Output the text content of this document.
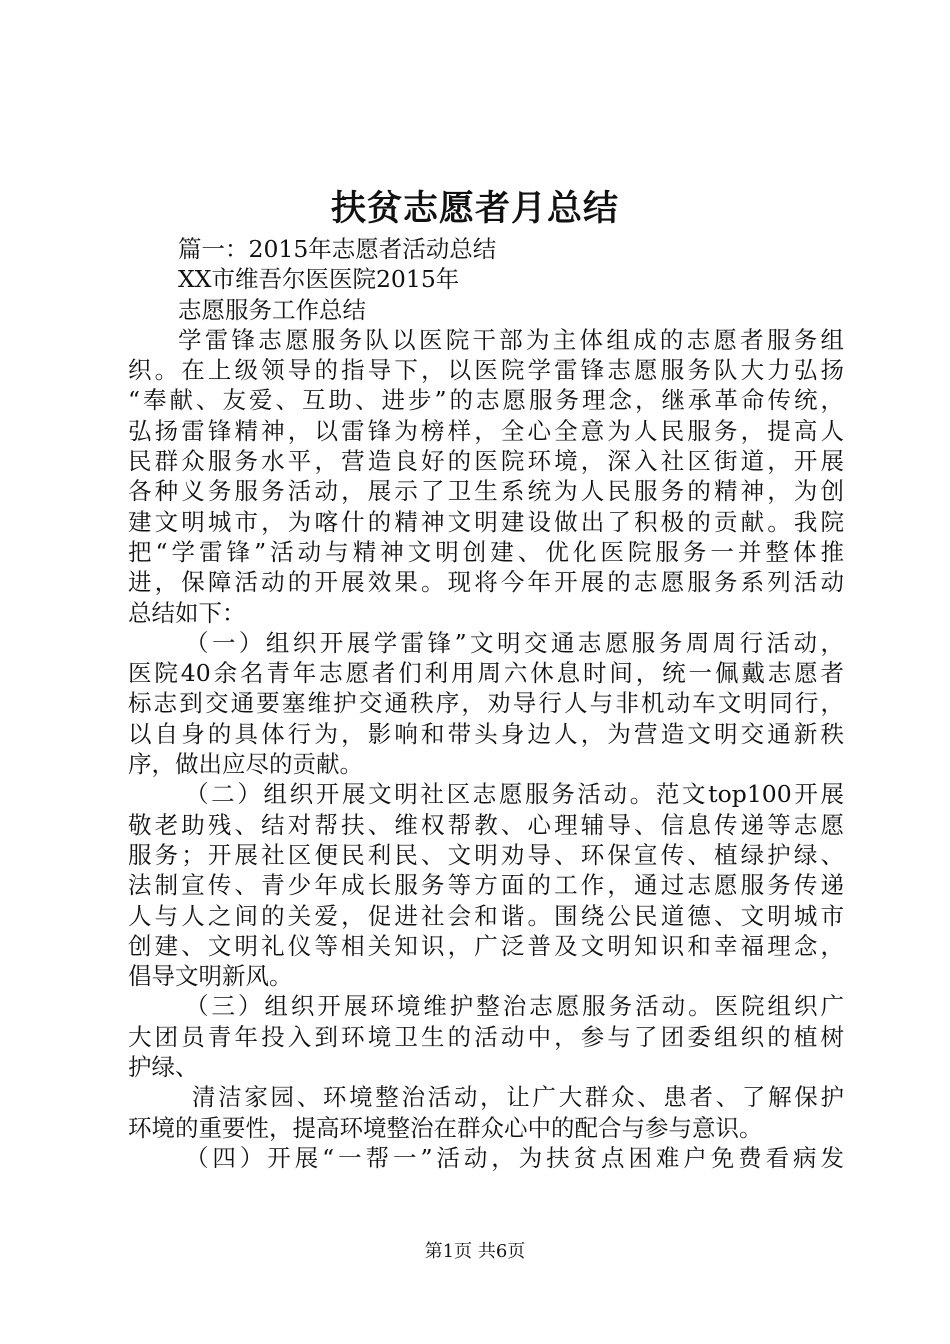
扶贫志愿者月总结
篇一：2015年志愿者活动总结
XX市维吾尔医医院2015年
志愿服务工作总结
学雷锋志愿服务队以医院干部为主体组成的志愿者服务组
织。在上级领导的指导下，以医院学雷锋志愿服务队大力弘扬
“奉献、友爱、互助、进步”的志愿服务理念，继承革命传统，
弘扬雷锋精神，以雷锋为榜样，全心全意为人民服务，提高人
民群众服务水平，营造良好的医院环境，深入社区街道，开展
各种义务服务活动，展示了卫生系统为人民服务的精神，为创
建文明城市，为喀什的精神文明建设做出了积极的贡献。我院
把“学雷锋”活动与精神文明创建、优化医院服务一并整体推
进，保障活动的开展效果。现将今年开展的志愿服务系列活动
总结如下：
（一）组织开展学雷锋”文明交通志愿服务周周行活动，
医院40余名青年志愿者们利用周六休息时间，统一佩戴志愿者
标志到交通要塞维护交通秩序，劝导行人与非机动车文明同行，
以自身的具体行为，影响和带头身边人，为营造文明交通新秩
序，做出应尽的贡献。
（二）组织开展文明社区志愿服务活动。范文top100开展
敬老助残、结对帮扶、维权帮教、心理辅导、信息传递等志愿
服务；开展社区便民利民、文明劝导、环保宣传、植绿护绿、
法制宣传、青少年成长服务等方面的工作，通过志愿服务传递
人与人之间的关爱，促进社会和谐。围绕公民道德、文明城市
创建、文明礼仪等相关知识，广泛普及文明知识和幸福理念，
倡导文明新风。
（三）组织开展环境维护整治志愿服务活动。医院组织广
大团员青年投入到环境卫生的活动中，参与了团委组织的植树
护绿、
清洁家园、环境整治活动，让广大群众、患者、了解保护
环境的重要性，提高环境整治在群众心中的配合与参与意识。
（四）开展“一帮一”活动，为扶贫点困难户免费看病发
第1页 共6页
